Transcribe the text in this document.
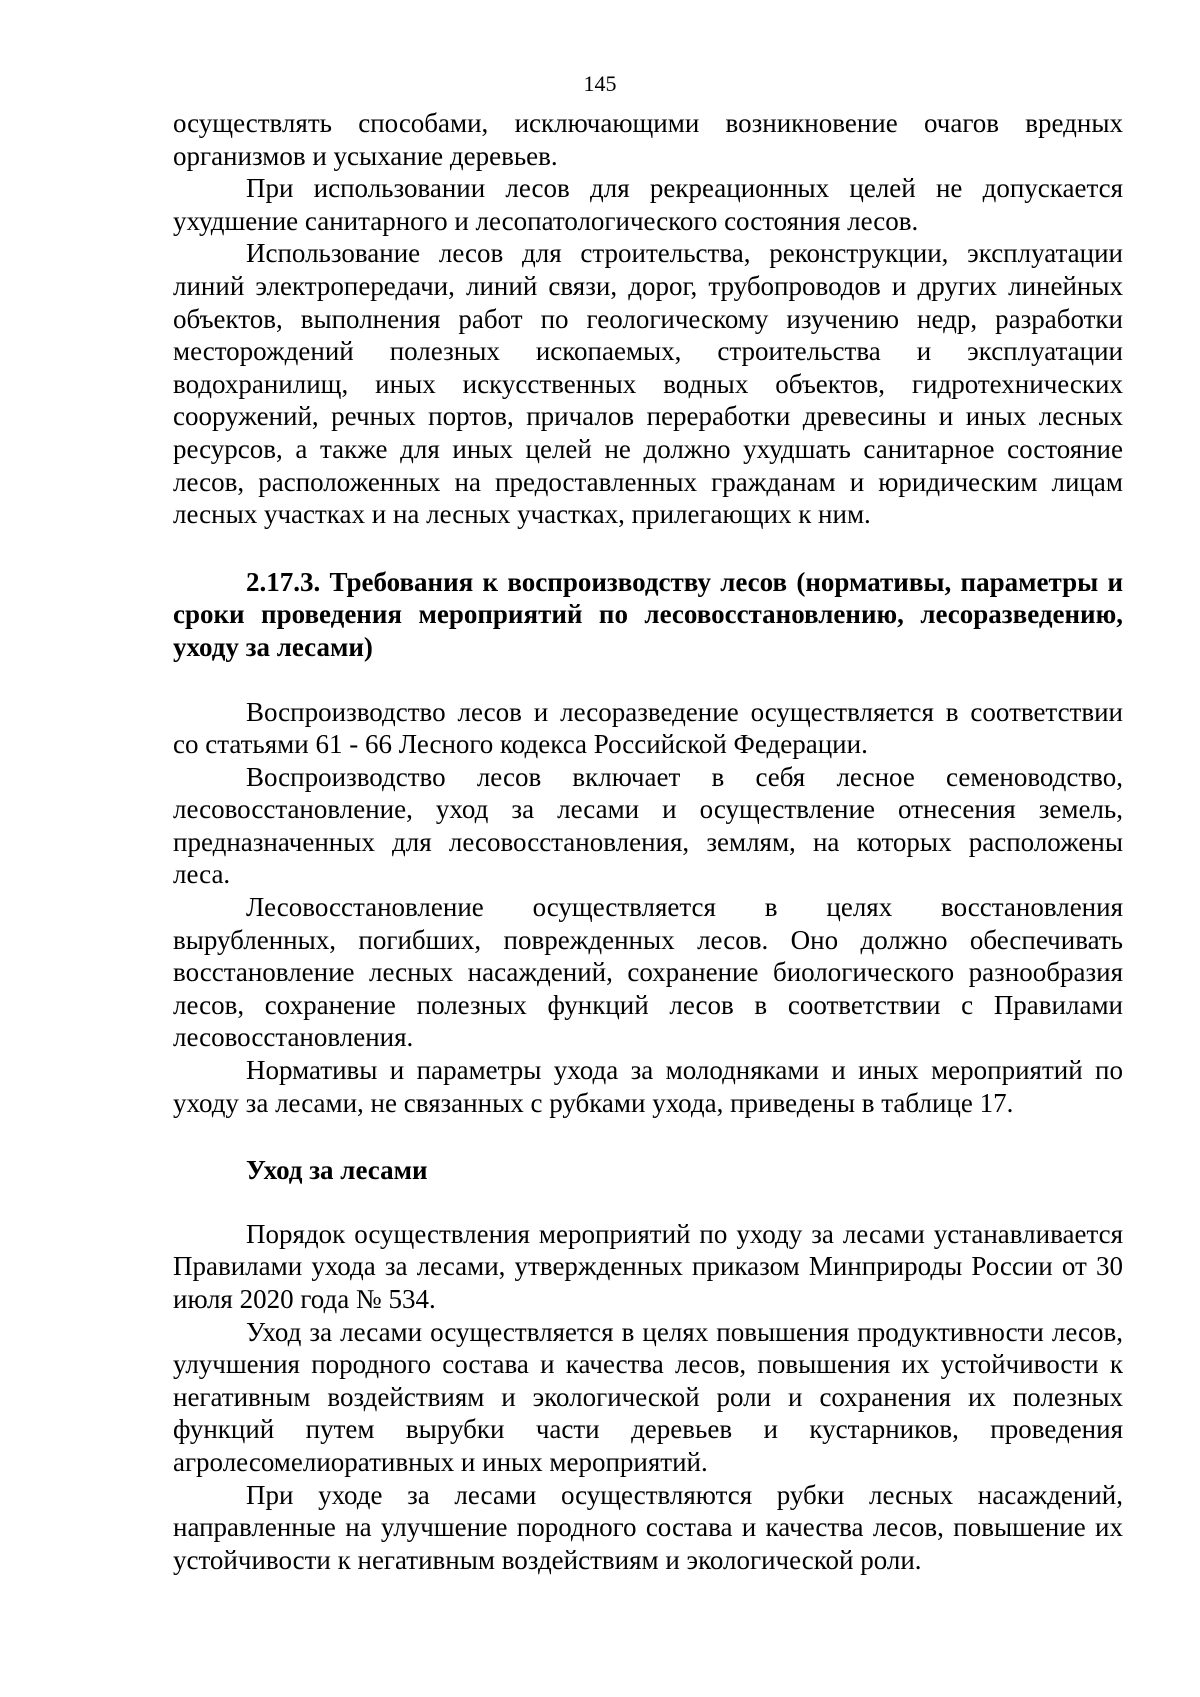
145

осуществлять способами, исключающими возникновение очагов вредных организмов и усыхание деревьев.

При использовании лесов для рекреационных целей не допускается ухудшение санитарного и лесопатологического состояния лесов.

Использование лесов для строительства, реконструкции, эксплуатации линий электропередачи, линий связи, дорог, трубопроводов и других линейных объектов, выполнения работ по геологическому изучению недр, разработки месторождений полезных ископаемых, строительства и эксплуатации водохранилищ, иных искусственных водных объектов, гидротехнических сооружений, речных портов, причалов переработки древесины и иных лесных ресурсов, а также для иных целей не должно ухудшать санитарное состояние лесов, расположенных на предоставленных гражданам и юридическим лицам лесных участках и на лесных участках, прилегающих к ним.

2.17.3. Требования к воспроизводству лесов (нормативы, параметры и сроки проведения мероприятий по лесовосстановлению, лесоразведению, уходу за лесами)

Воспроизводство лесов и лесоразведение осуществляется в соответствии со статьями 61 - 66 Лесного кодекса Российской Федерации.

Воспроизводство лесов включает в себя лесное семеноводство, лесовосстановление, уход за лесами и осуществление отнесения земель, предназначенных для лесовосстановления, землям, на которых расположены леса.

Лесовосстановление осуществляется в целях восстановления вырубленных, погибших, поврежденных лесов. Оно должно обеспечивать восстановление лесных насаждений, сохранение биологического разнообразия лесов, сохранение полезных функций лесов в соответствии с Правилами лесовосстановления.

Нормативы и параметры ухода за молодняками и иных мероприятий по уходу за лесами, не связанных с рубками ухода, приведены в таблице 17.

Уход за лесами

Порядок осуществления мероприятий по уходу за лесами устанавливается Правилами ухода за лесами, утвержденных приказом Минприроды России от 30 июля 2020 года № 534.

Уход за лесами осуществляется в целях повышения продуктивности лесов, улучшения породного состава и качества лесов, повышения их устойчивости к негативным воздействиям и экологической роли и сохранения их полезных функций путем вырубки части деревьев и кустарников, проведения агролесомелиоративных и иных мероприятий.

При уходе за лесами осуществляются рубки лесных насаждений, направленные на улучшение породного состава и качества лесов, повышение их устойчивости к негативным воздействиям и экологической роли.
